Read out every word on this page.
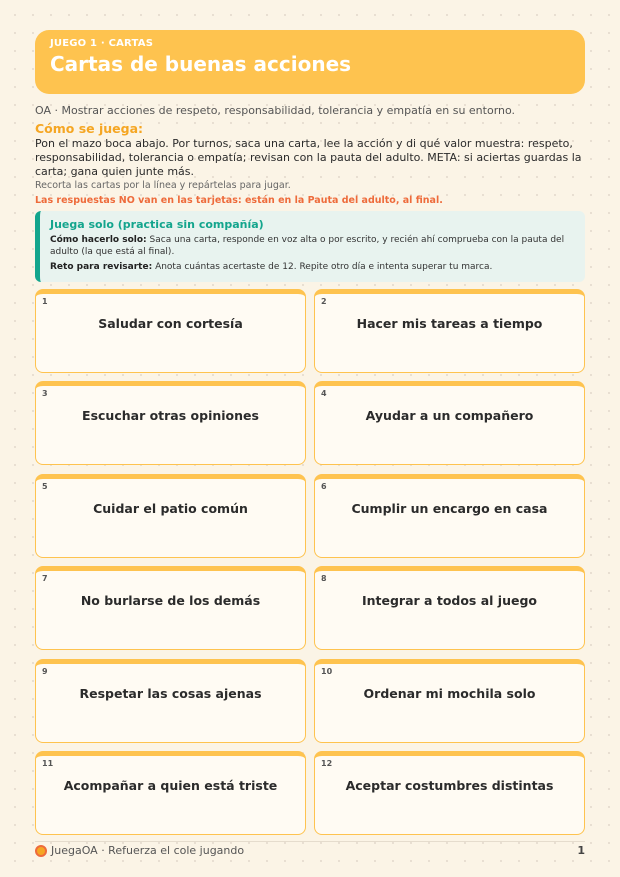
JUEGO 1 · CARTAS
Cartas de buenas acciones
OA · Mostrar acciones de respeto, responsabilidad, tolerancia y empatía en su entorno.
Cómo se juega:
Pon el mazo boca abajo. Por turnos, saca una carta, lee la acción y di qué valor muestra: respeto, responsabilidad, tolerancia o empatía; revisan con la pauta del adulto. META: si aciertas guardas la carta; gana quien junte más.
Recorta las cartas por la línea y repártelas para jugar.
Las respuestas NO van en las tarjetas: están en la Pauta del adulto, al final.
Juega solo (practica sin compañía)
Cómo hacerlo solo: Saca una carta, responde en voz alta o por escrito, y recién ahí comprueba con la pauta del adulto (la que está al final).
Reto para revisarte: Anota cuántas acertaste de 12. Repite otro día e intenta superar tu marca.
1
Saludar con cortesía
2
Hacer mis tareas a tiempo
3
Escuchar otras opiniones
4
Ayudar a un compañero
5
Cuidar el patio común
6
Cumplir un encargo en casa
7
No burlarse de los demás
8
Integrar a todos al juego
9
Respetar las cosas ajenas
10
Ordenar mi mochila solo
11
Acompañar a quien está triste
12
Aceptar costumbres distintas
JuegaOA · Refuerza el cole jugando	1
